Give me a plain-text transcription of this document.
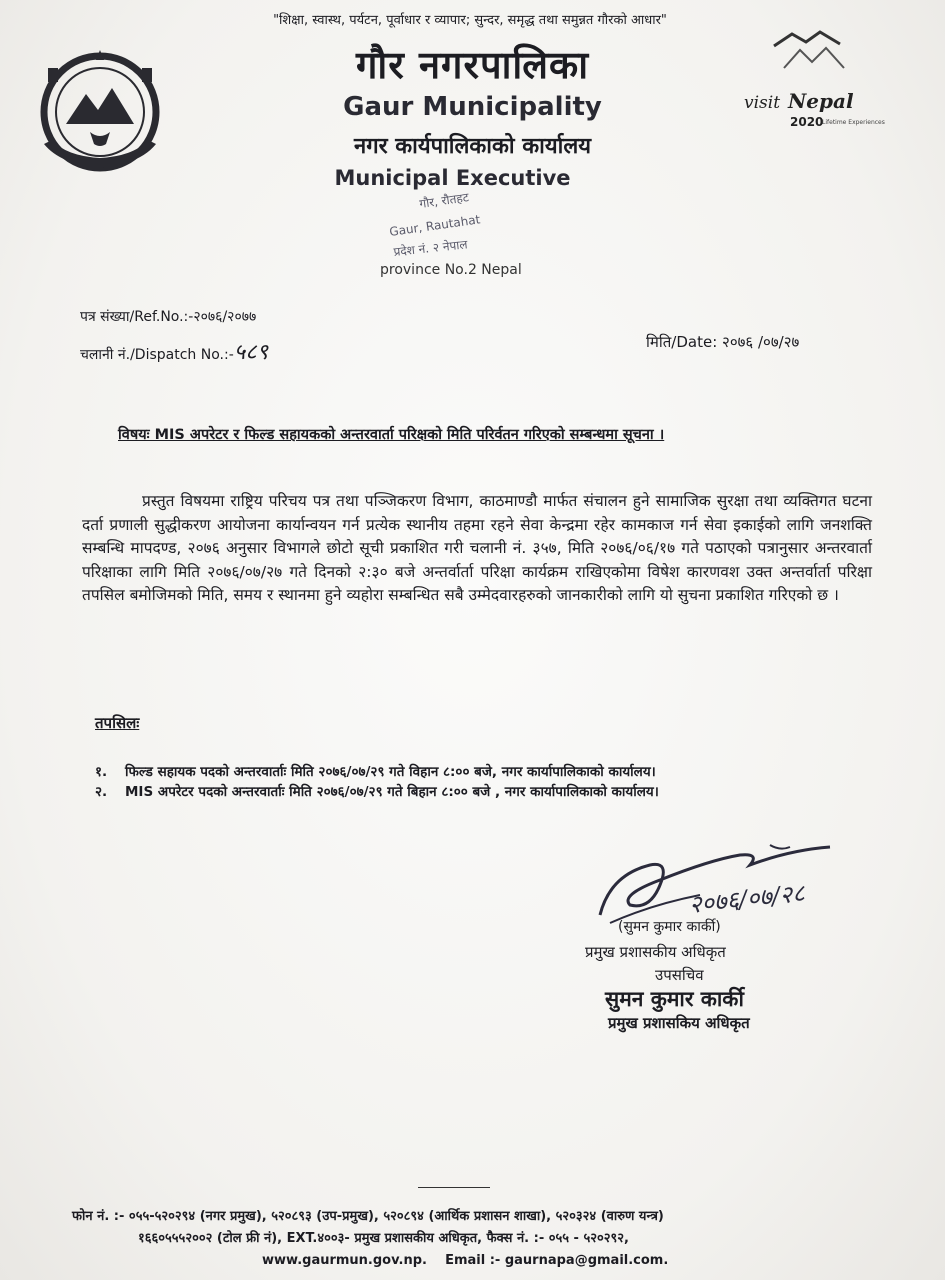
visit Nepal
2020
Lifetime Experiences
"शिक्षा, स्वास्थ, पर्यटन, पूर्वाधार र व्यापार; सुन्दर, समृद्ध तथा समुन्नत गौरको आधार"
गौर नगरपालिका
Gaur Municipality
नगर कार्यपालिकाको कार्यालय
Municipal Executive
गौर, रौतहट
Gaur, Rautahat
प्रदेश नं. २ नेपाल
province No.2 Nepal
पत्र संख्या/Ref.No.:-२०७६/२०७७
चलानी नं./Dispatch No.:-५८९	मिति/Date: २०७६ /०७/२७
विषयः MIS अपरेटर र फिल्ड सहायकको अन्तरवार्ता परिक्षको मिति परिर्वतन गरिएको सम्बन्धमा सूचना ।
प्रस्तुत विषयमा राष्ट्रिय परिचय पत्र तथा पञ्जिकरण विभाग, काठमाण्डौ मार्फत संचालन हुने सामाजिक सुरक्षा तथा व्यक्तिगत घटना दर्ता प्रणाली सुद्धीकरण आयोजना कार्यान्वयन गर्न प्रत्येक स्थानीय तहमा रहने सेवा केन्द्रमा रहेर कामकाज गर्न सेवा इकाईको लागि जनशक्ति सम्बन्धि मापदण्ड, २०७६ अनुसार विभागले छोटो सूची प्रकाशित गरी चलानी नं. ३५७, मिति २०७६/०६/१७ गते पठाएको पत्रानुसार अन्तरवार्ता परिक्षाका लागि मिति २०७६/०७/२७ गते दिनको २:३० बजे अन्तर्वार्ता परिक्षा कार्यक्रम राखिएकोमा विषेश कारणवश उक्त अन्तर्वार्ता परिक्षा तपसिल बमोजिमको मिति, समय र स्थानमा हुने व्यहोरा सम्बन्धित सबै उम्मेदवारहरुको जानकारीको लागि यो सुचना प्रकाशित गरिएको छ ।
तपसिलः
१. फिल्ड सहायक पदको अन्तरवार्ताः मिति २०७६/०७/२९ गते विहान ८:०० बजे, नगर कार्यापालिकाको कार्यालय।
२. MIS अपरेटर पदको अन्तरवार्ताः मिति २०७६/०७/२९ गते बिहान ८:०० बजे , नगर कार्यापालिकाको कार्यालय।
२०७६/०७/२८
(सुमन कुमार कार्की)
प्रमुख प्रशासकीय अधिकृत
उपसचिव
सुमन कुमार कार्की
प्रमुख प्रशासकिय अधिकृत
फोन नं. :- ०५५-५२०२९४ (नगर प्रमुख), ५२०८९३ (उप-प्रमुख), ५२०८९४ (आर्थिक प्रशासन शाखा), ५२०३२४ (वारुण यन्त्र)
१६६०५५५२००२ (टोल फ्री नं), EXT.४००३- प्रमुख प्रशासकीय अधिकृत, फैक्स नं. :- ०५५ - ५२०२९२,
www.gaurmun.gov.np. Email :- gaurnapa@gmail.com.
